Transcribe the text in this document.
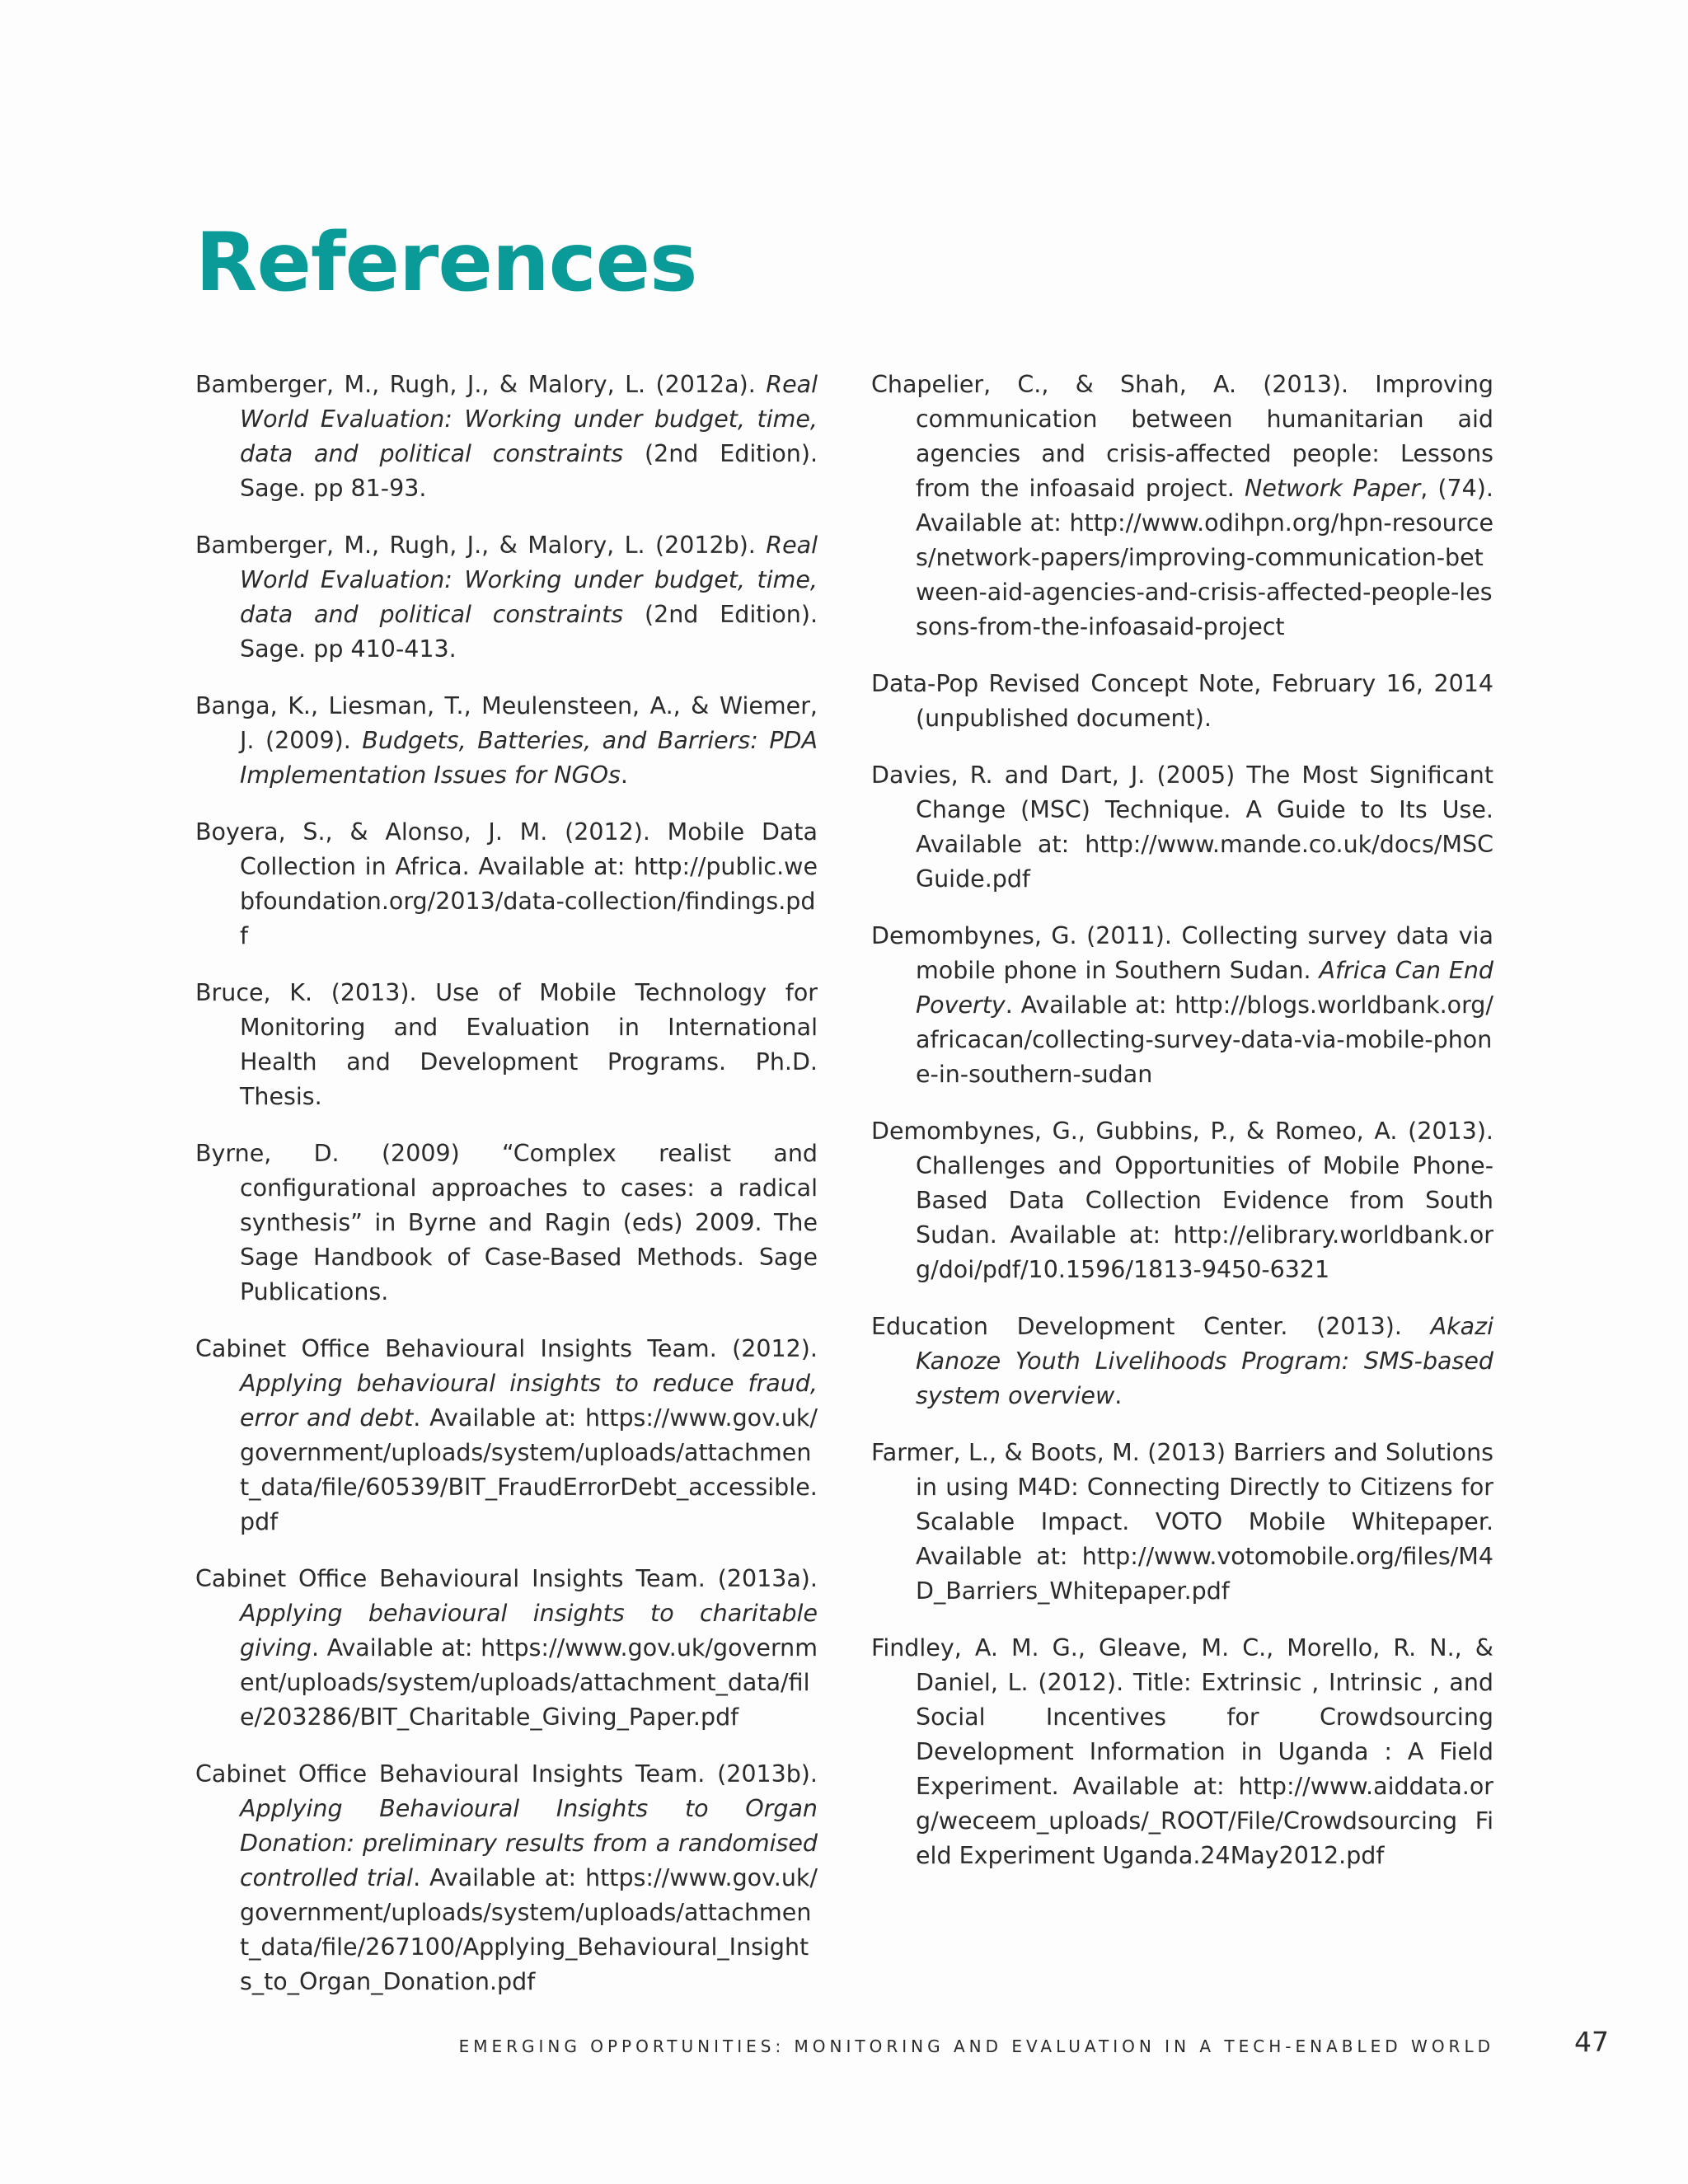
References

Bamberger, M., Rugh, J., & Malory, L. (2012a). Real World Evaluation: Working under budget, time, data and political constraints (2nd Edition). Sage. pp 81-93.

Bamberger, M., Rugh, J., & Malory, L. (2012b). Real World Evaluation: Working under budget, time, data and political constraints (2nd Edition). Sage. pp 410-413.

Banga, K., Liesman, T., Meulensteen, A., & Wiemer, J. (2009). Budgets, Batteries, and Barriers: PDA Implementation Issues for NGOs.

Boyera, S., & Alonso, J. M. (2012). Mobile Data Collection in Africa. Available at: http://public.webfoundation.org/2013/data-collection/findings.pdf

Bruce, K. (2013). Use of Mobile Technology for Monitoring and Evaluation in International Health and Development Programs. Ph.D. Thesis.

Byrne, D. (2009) “Complex realist and configurational approaches to cases: a radical synthesis” in Byrne and Ragin (eds) 2009. The Sage Handbook of Case-Based Methods. Sage Publications.

Cabinet Office Behavioural Insights Team. (2012). Applying behavioural insights to reduce fraud, error and debt. Available at: https://www.gov.uk/government/uploads/system/uploads/attachment_data/file/60539/BIT_FraudErrorDebt_accessible.pdf

Cabinet Office Behavioural Insights Team. (2013a). Applying behavioural insights to charitable giving. Available at: https://www.gov.uk/government/uploads/system/uploads/attachment_data/file/203286/BIT_Charitable_Giving_Paper.pdf

Cabinet Office Behavioural Insights Team. (2013b). Applying Behavioural Insights to Organ Donation: preliminary results from a randomised controlled trial. Available at: https://www.gov.uk/government/uploads/system/uploads/attachment_data/file/267100/Applying_Behavioural_Insights_to_Organ_Donation.pdf

Chapelier, C., & Shah, A. (2013). Improving communication between humanitarian aid agencies and crisis-affected people: Lessons from the infoasaid project. Network Paper, (74). Available at: http://www.odihpn.org/hpn-resources/network-papers/improving-communication-between-aid-agencies-and-crisis-affected-people-lessons-from-the-infoasaid-project

Data-Pop Revised Concept Note, February 16, 2014 (unpublished document).

Davies, R. and Dart, J. (2005) The Most Significant Change (MSC) Technique. A Guide to Its Use. Available at: http://www.mande.co.uk/docs/MSCGuide.pdf

Demombynes, G. (2011). Collecting survey data via mobile phone in Southern Sudan. Africa Can End Poverty. Available at: http://blogs.worldbank.org/africacan/collecting-survey-data-via-mobile-phone-in-southern-sudan

Demombynes, G., Gubbins, P., & Romeo, A. (2013). Challenges and Opportunities of Mobile Phone-Based Data Collection Evidence from South Sudan. Available at: http://elibrary.worldbank.org/doi/pdf/10.1596/1813-9450-6321

Education Development Center. (2013). Akazi Kanoze Youth Livelihoods Program: SMS-based system overview.

Farmer, L., & Boots, M. (2013) Barriers and Solutions in using M4D: Connecting Directly to Citizens for Scalable Impact. VOTO Mobile Whitepaper. Available at: http://www.votomobile.org/files/M4D_Barriers_Whitepaper.pdf

Findley, A. M. G., Gleave, M. C., Morello, R. N., & Daniel, L. (2012). Title: Extrinsic , Intrinsic , and Social Incentives for Crowdsourcing Development Information in Uganda : A Field Experiment. Available at: http://www.aiddata.org/weceem_uploads/_ROOT/File/Crowdsourcing Field Experiment Uganda.24May2012.pdf

EMERGING OPPORTUNITIES: MONITORING AND EVALUATION IN A TECH-ENABLED WORLD	47
